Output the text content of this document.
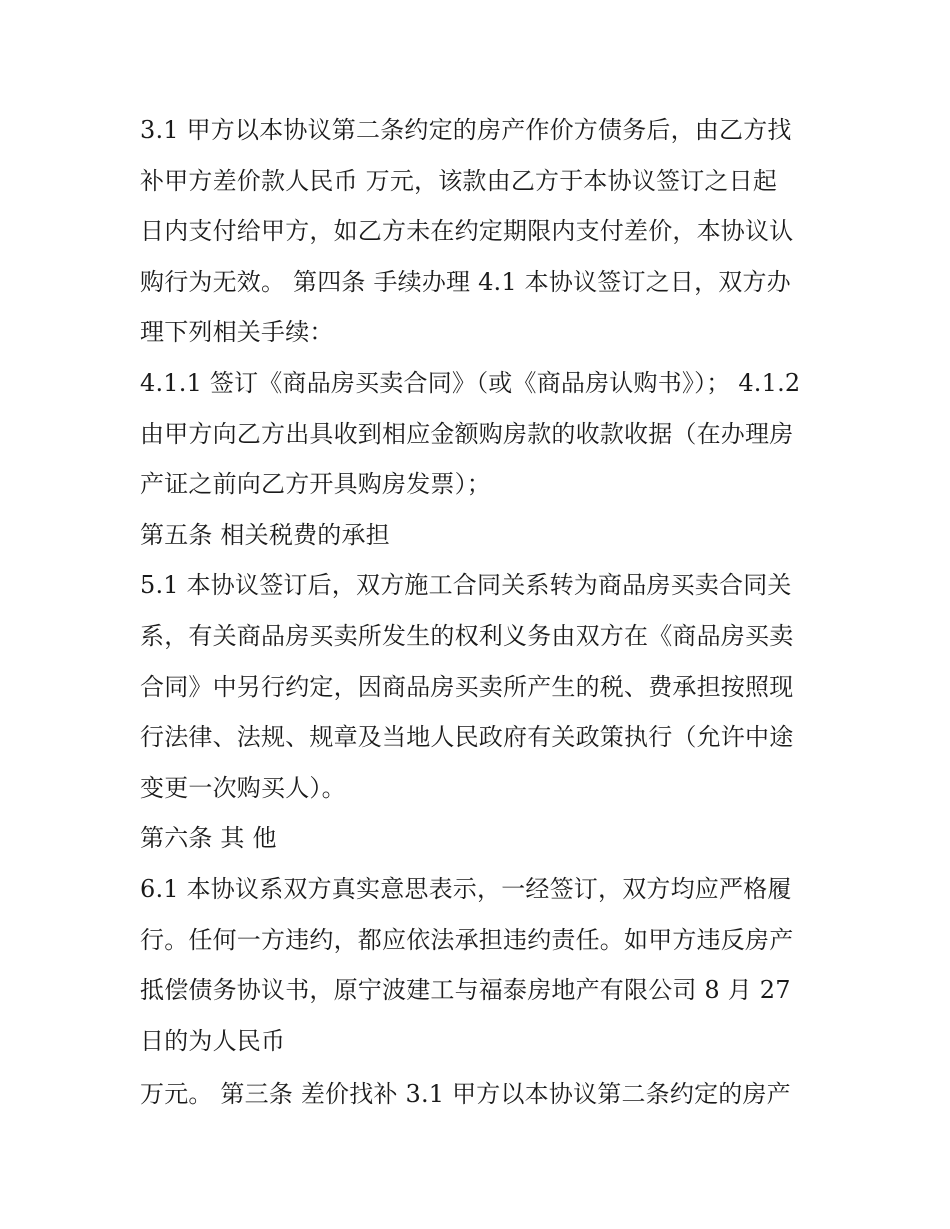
3.1 甲方以本协议第二条约定的房产作价方债务后，由乙方找
补甲方差价款人民币 万元，该款由乙方于本协议签订之日起
日内支付给甲方，如乙方未在约定期限内支付差价，本协议认
购行为无效。 第四条 手续办理 4.1 本协议签订之日，双方办
理下列相关手续：
4.1.1 签订《商品房买卖合同》（或《商品房认购书》）； 4.1.2
由甲方向乙方出具收到相应金额购房款的收款收据（在办理房
产证之前向乙方开具购房发票）；
第五条 相关税费的承担
5.1 本协议签订后，双方施工合同关系转为商品房买卖合同关
系，有关商品房买卖所发生的权利义务由双方在《商品房买卖
合同》中另行约定，因商品房买卖所产生的税、费承担按照现
行法律、法规、规章及当地人民政府有关政策执行（允许中途
变更一次购买人）。
第六条 其 他
6.1 本协议系双方真实意思表示，一经签订，双方均应严格履
行。任何一方违约，都应依法承担违约责任。如甲方违反房产
抵偿债务协议书，原宁波建工与福泰房地产有限公司 8 月 27
日的为人民币
万元。 第三条 差价找补 3.1 甲方以本协议第二条约定的房产
